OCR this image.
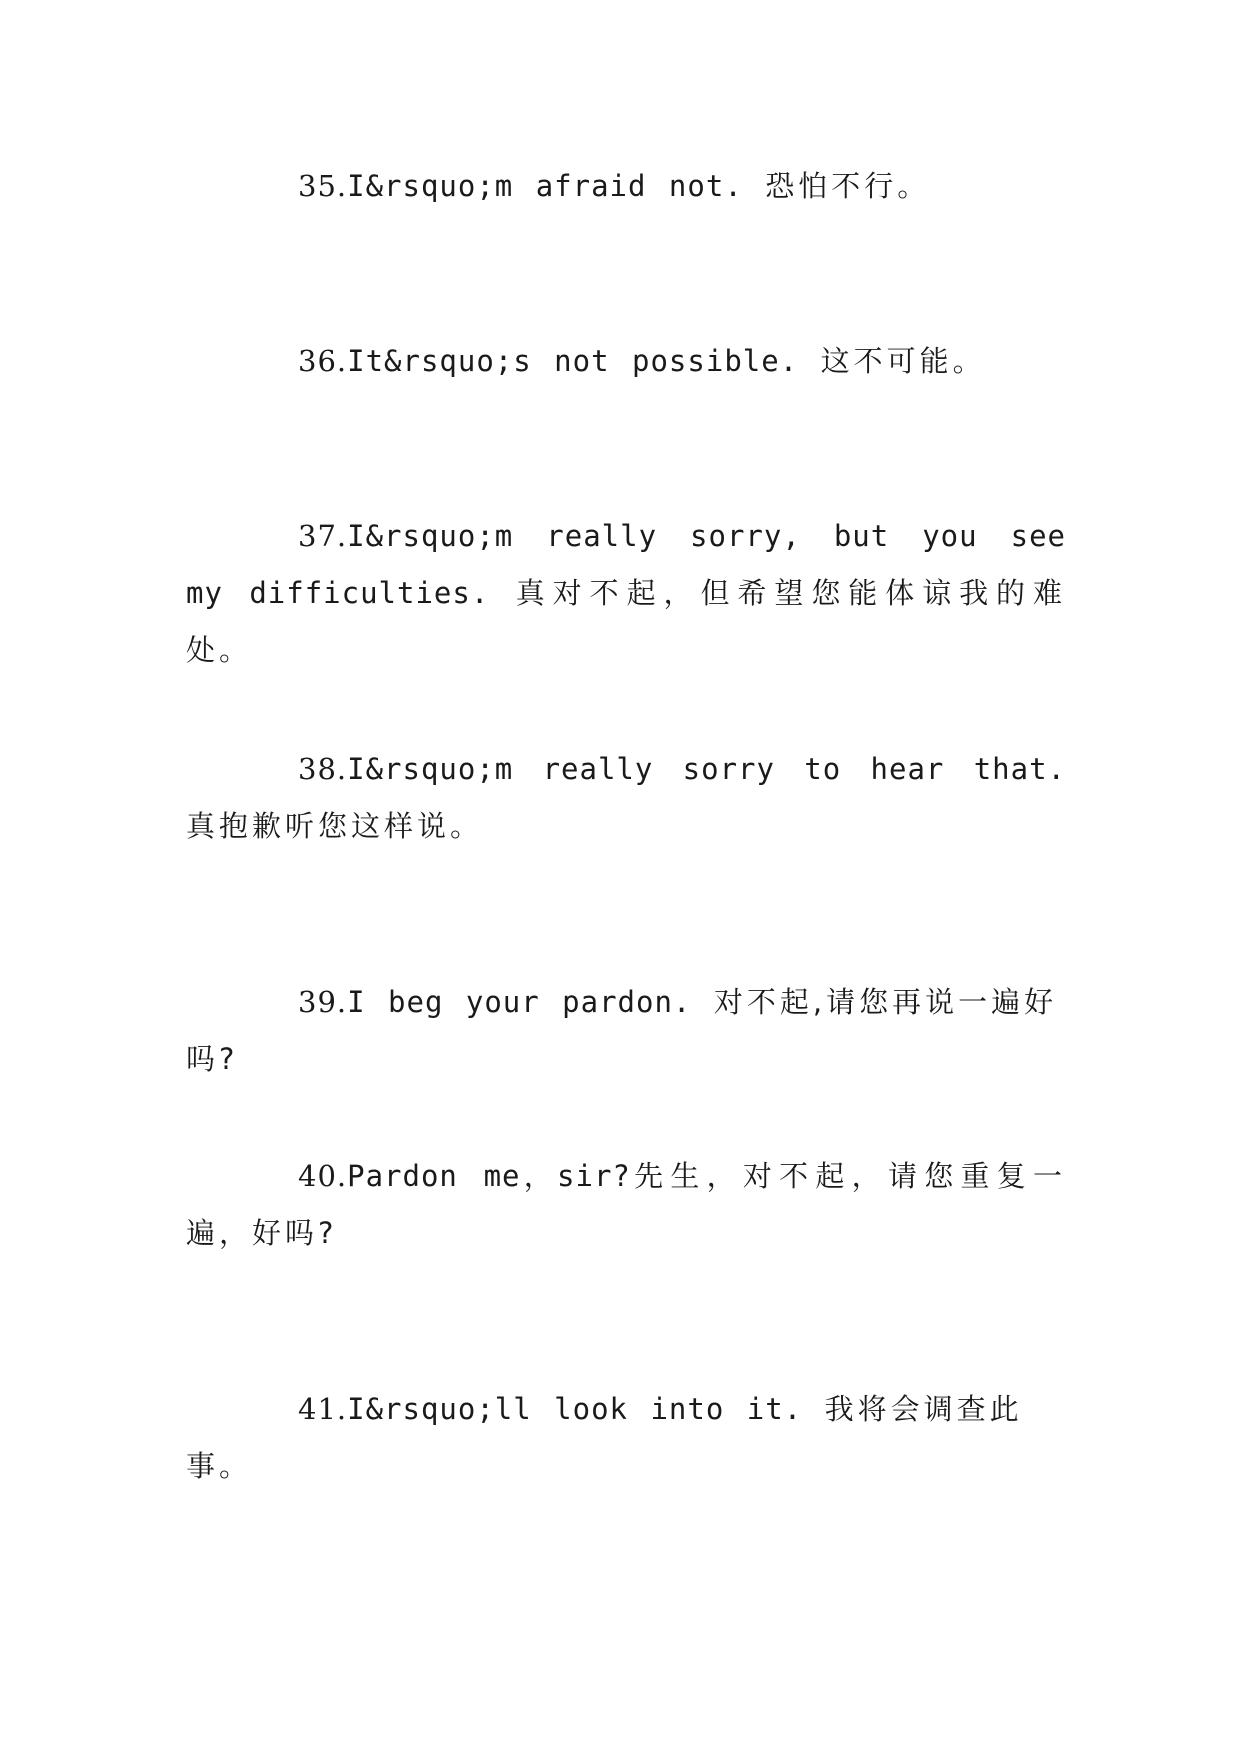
35.I&rsquo;m afraid not. 恐怕不行。

36.It&rsquo;s not possible. 这不可能。

37.I&rsquo;m really sorry, but you see my difficulties. 真对不起，但希望您能体谅我的难处。

38.I&rsquo;m really sorry to hear that. 真抱歉听您这样说。

39.I beg your pardon. 对不起,请您再说一遍好吗?

40.Pardon me，sir?先生，对不起，请您重复一遍，好吗?

41.I&rsquo;ll look into it. 我将会调查此事。
